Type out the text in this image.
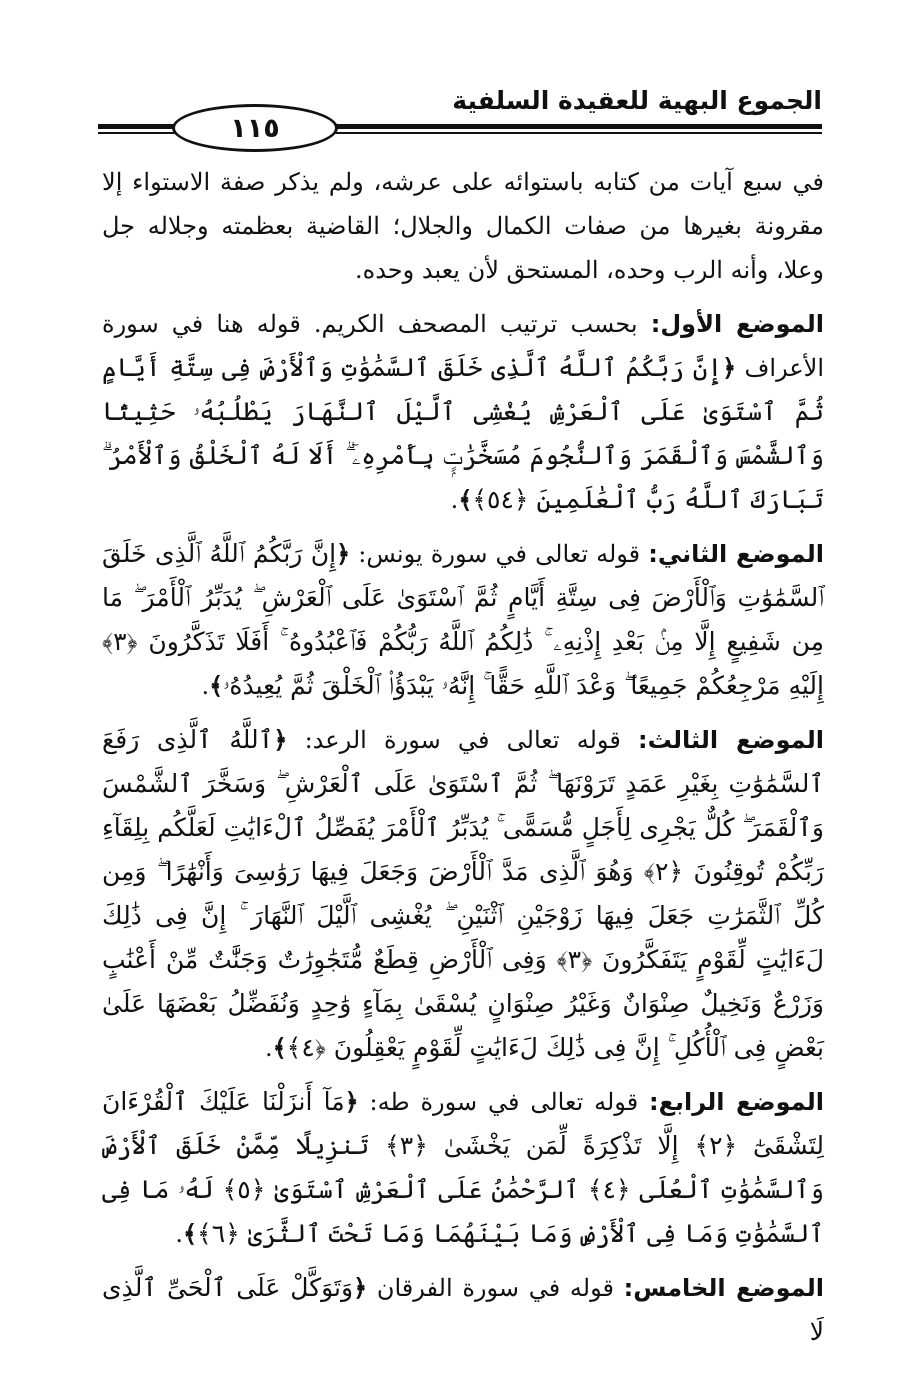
الجموع البهية للعقيدة السلفية
١١٥

في سبع آيات من كتابه باستوائه على عرشه، ولم يذكر صفة الاستواء إلا مقرونة بغيرها من صفات الكمال والجلال؛ القاضية بعظمته وجلاله جل وعلا، وأنه الرب وحده، المستحق لأن يعبد وحده.

الموضع الأول: بحسب ترتيب المصحف الكريم. قوله هنا في سورة الأعراف ﴿إِنَّ رَبَّكُمُ ٱللَّهُ ٱلَّذِى خَلَقَ ٱلسَّمَٰوَٰتِ وَٱلْأَرْضَ فِى سِتَّةِ أَيَّامٍ ثُمَّ ٱسْتَوَىٰ عَلَى ٱلْعَرْشِ يُغْشِى ٱلَّيْلَ ٱلنَّهَارَ يَطْلُبُهُۥ حَثِيثًا وَٱلشَّمْسَ وَٱلْقَمَرَ وَٱلنُّجُومَ مُسَخَّرَٰتٍۭ بِأَمْرِهِۦٓ ۗ أَلَا لَهُ ٱلْخَلْقُ وَٱلْأَمْرُ ۗ تَبَارَكَ ٱللَّهُ رَبُّ ٱلْعَٰلَمِينَ ﴿٥٤﴾﴾.

الموضع الثاني: قوله تعالى في سورة يونس: ﴿إِنَّ رَبَّكُمُ ٱللَّهُ ٱلَّذِى خَلَقَ ٱلسَّمَٰوَٰتِ وَٱلْأَرْضَ فِى سِتَّةِ أَيَّامٍ ثُمَّ ٱسْتَوَىٰ عَلَى ٱلْعَرْشِ ۖ يُدَبِّرُ ٱلْأَمْرَ ۖ مَا مِن شَفِيعٍ إِلَّا مِنۢ بَعْدِ إِذْنِهِۦ ۚ ذَٰلِكُمُ ٱللَّهُ رَبُّكُمْ فَٱعْبُدُوهُ ۚ أَفَلَا تَذَكَّرُونَ ﴿٣﴾ إِلَيْهِ مَرْجِعُكُمْ جَمِيعًا ۖ وَعْدَ ٱللَّهِ حَقًّا ۚ إِنَّهُۥ يَبْدَؤُا۟ ٱلْخَلْقَ ثُمَّ يُعِيدُهُۥ﴾.

الموضع الثالث: قوله تعالى في سورة الرعد: ﴿ٱللَّهُ ٱلَّذِى رَفَعَ ٱلسَّمَٰوَٰتِ بِغَيْرِ عَمَدٍ تَرَوْنَهَا ۖ ثُمَّ ٱسْتَوَىٰ عَلَى ٱلْعَرْشِ ۖ وَسَخَّرَ ٱلشَّمْسَ وَٱلْقَمَرَ ۖ كُلٌّ يَجْرِى لِأَجَلٍ مُّسَمًّى ۚ يُدَبِّرُ ٱلْأَمْرَ يُفَصِّلُ ٱلْءَايَٰتِ لَعَلَّكُم بِلِقَآءِ رَبِّكُمْ تُوقِنُونَ ﴿٢﴾ وَهُوَ ٱلَّذِى مَدَّ ٱلْأَرْضَ وَجَعَلَ فِيهَا رَوَٰسِىَ وَأَنْهَٰرًا ۖ وَمِن كُلِّ ٱلثَّمَرَٰتِ جَعَلَ فِيهَا زَوْجَيْنِ ٱثْنَيْنِ ۖ يُغْشِى ٱلَّيْلَ ٱلنَّهَارَ ۚ إِنَّ فِى ذَٰلِكَ لَءَايَٰتٍ لِّقَوْمٍ يَتَفَكَّرُونَ ﴿٣﴾ وَفِى ٱلْأَرْضِ قِطَعٌ مُّتَجَٰوِرَٰتٌ وَجَنَّٰتٌ مِّنْ أَعْنَٰبٍ وَزَرْعٌ وَنَخِيلٌ صِنْوَانٌ وَغَيْرُ صِنْوَانٍ يُسْقَىٰ بِمَآءٍ وَٰحِدٍ وَنُفَضِّلُ بَعْضَهَا عَلَىٰ بَعْضٍ فِى ٱلْأُكُلِ ۚ إِنَّ فِى ذَٰلِكَ لَءَايَٰتٍ لِّقَوْمٍ يَعْقِلُونَ ﴿٤﴾﴾.

الموضع الرابع: قوله تعالى في سورة طه: ﴿مَآ أَنزَلْنَا عَلَيْكَ ٱلْقُرْءَانَ لِتَشْقَىٰٓ ﴿٢﴾ إِلَّا تَذْكِرَةً لِّمَن يَخْشَىٰ ﴿٣﴾ تَنزِيلًا مِّمَّنْ خَلَقَ ٱلْأَرْضَ وَٱلسَّمَٰوَٰتِ ٱلْعُلَى ﴿٤﴾ ٱلرَّحْمَٰنُ عَلَى ٱلْعَرْشِ ٱسْتَوَىٰ ﴿٥﴾ لَهُۥ مَا فِى ٱلسَّمَٰوَٰتِ وَمَا فِى ٱلْأَرْضِ وَمَا بَيْنَهُمَا وَمَا تَحْتَ ٱلثَّرَىٰ ﴿٦﴾﴾.

الموضع الخامس: قوله في سورة الفرقان ﴿وَتَوَكَّلْ عَلَى ٱلْحَىِّ ٱلَّذِى لَا
